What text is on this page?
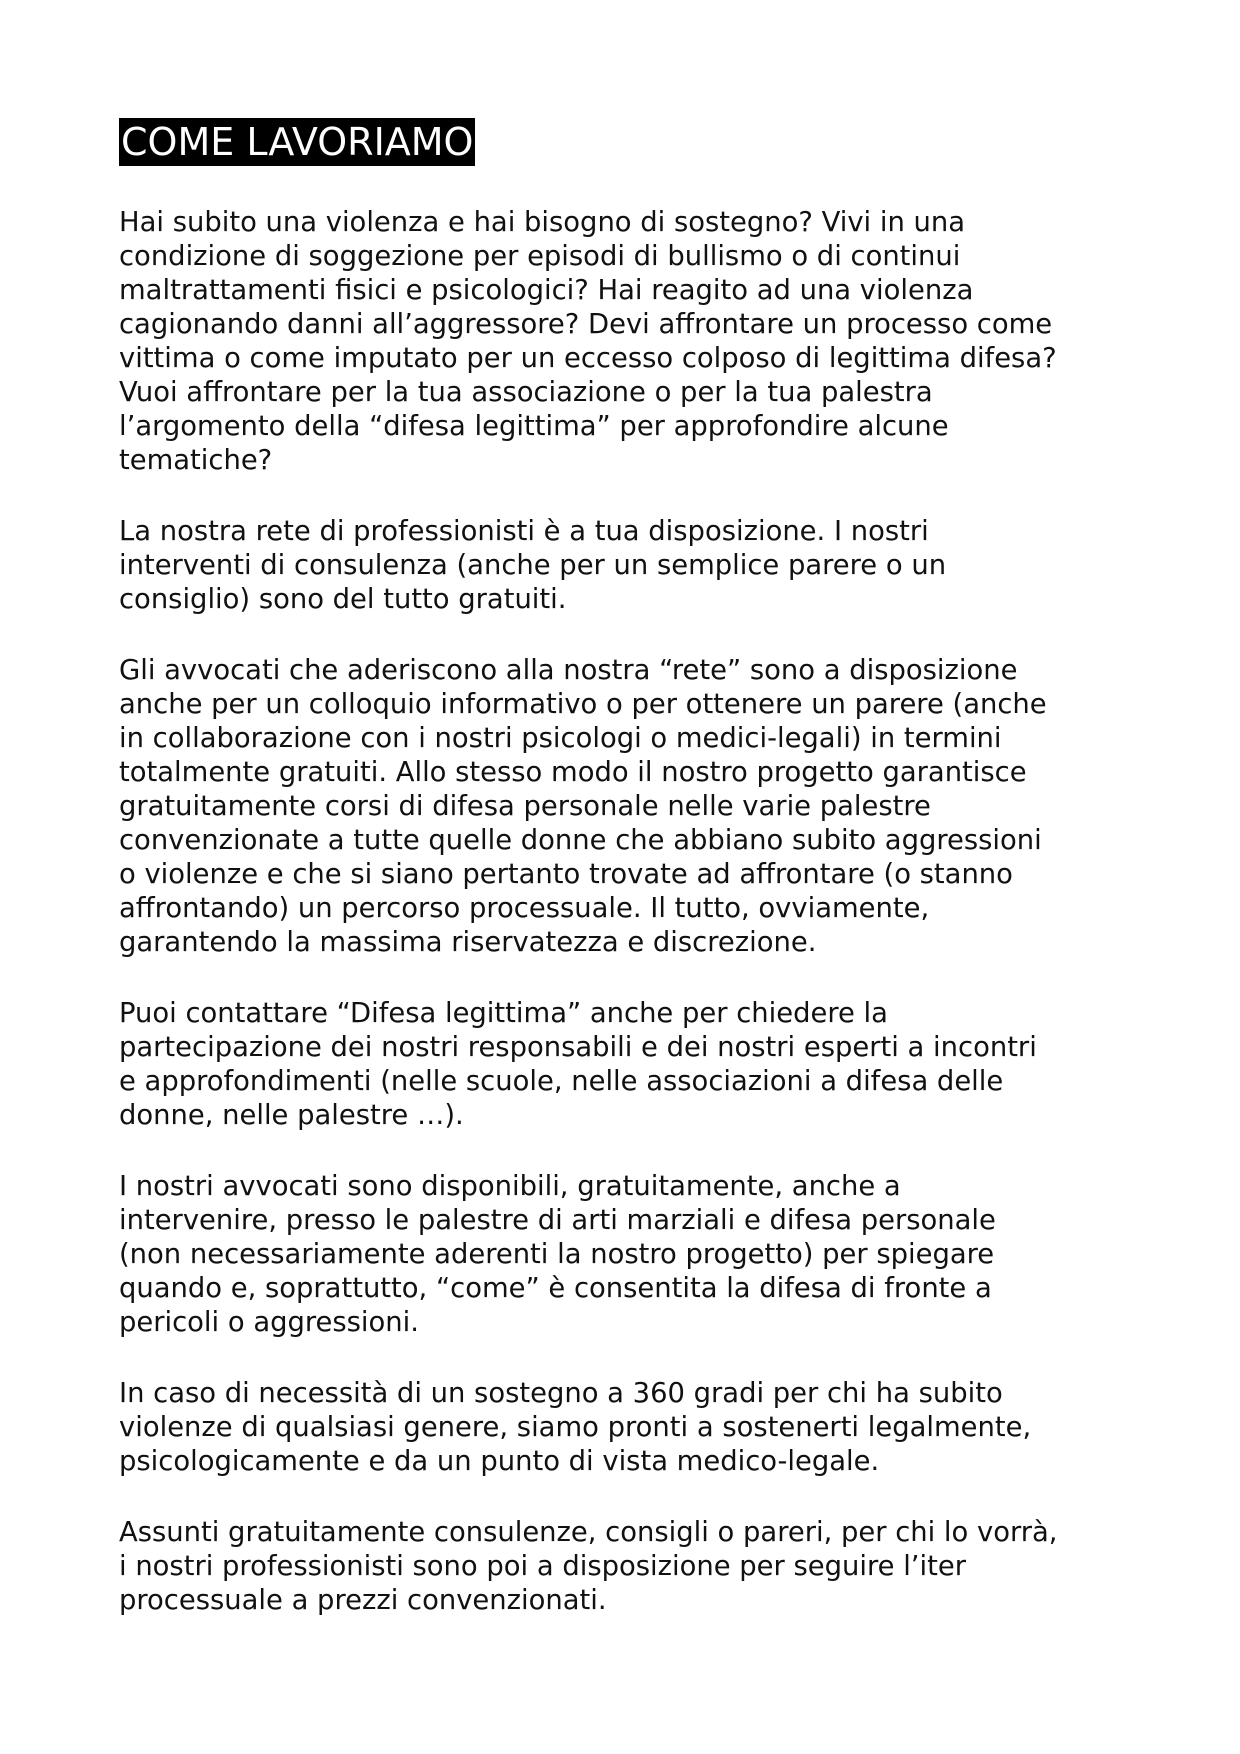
COME LAVORIAMO

Hai subito una violenza e hai bisogno di sostegno? Vivi in una
condizione di soggezione per episodi di bullismo o di continui
maltrattamenti fisici e psicologici? Hai reagito ad una violenza
cagionando danni all’aggressore? Devi affrontare un processo come
vittima o come imputato per un eccesso colposo di legittima difesa?
Vuoi affrontare per la tua associazione o per la tua palestra
l’argomento della “difesa legittima” per approfondire alcune
tematiche?

La nostra rete di professionisti è a tua disposizione. I nostri
interventi di consulenza (anche per un semplice parere o un
consiglio) sono del tutto gratuiti.

Gli avvocati che aderiscono alla nostra “rete” sono a disposizione
anche per un colloquio informativo o per ottenere un parere (anche
in collaborazione con i nostri psicologi o medici-legali) in termini
totalmente gratuiti. Allo stesso modo il nostro progetto garantisce
gratuitamente corsi di difesa personale nelle varie palestre
convenzionate a tutte quelle donne che abbiano subito aggressioni
o violenze e che si siano pertanto trovate ad affrontare (o stanno
affrontando) un percorso processuale. Il tutto, ovviamente,
garantendo la massima riservatezza e discrezione.

Puoi contattare “Difesa legittima” anche per chiedere la
partecipazione dei nostri responsabili e dei nostri esperti a incontri
e approfondimenti (nelle scuole, nelle associazioni a difesa delle
donne, nelle palestre …).

I nostri avvocati sono disponibili, gratuitamente, anche a
intervenire, presso le palestre di arti marziali e difesa personale
(non necessariamente aderenti la nostro progetto) per spiegare
quando e, soprattutto, “come” è consentita la difesa di fronte a
pericoli o aggressioni.

In caso di necessità di un sostegno a 360 gradi per chi ha subito
violenze di qualsiasi genere, siamo pronti a sostenerti legalmente,
psicologicamente e da un punto di vista medico-legale.

Assunti gratuitamente consulenze, consigli o pareri, per chi lo vorrà,
i nostri professionisti sono poi a disposizione per seguire l’iter
processuale a prezzi convenzionati.
